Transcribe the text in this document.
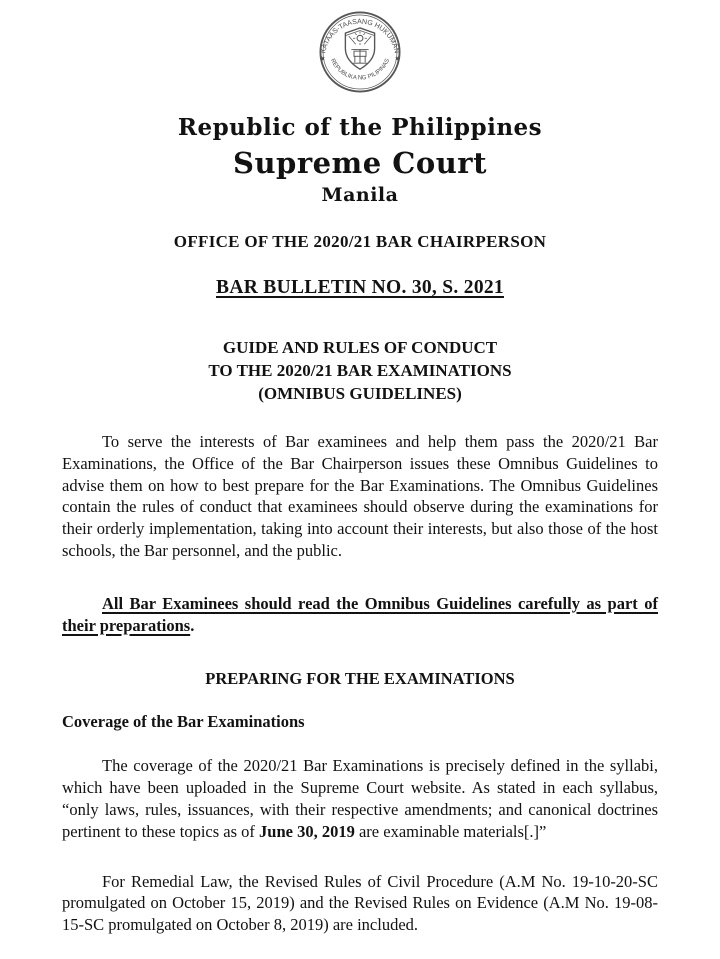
★ KATAAS-TAASANG HUKUMAN ★
REPUBLIKA NG PILIPINAS
Republic of the Philippines
Supreme Court
Manila
OFFICE OF THE 2020/21 BAR CHAIRPERSON
BAR BULLETIN NO. 30, S. 2021
GUIDE AND RULES OF CONDUCT
TO THE 2020/21 BAR EXAMINATIONS
(OMNIBUS GUIDELINES)

To serve the interests of Bar examinees and help them pass the 2020/21 Bar Examinations, the Office of the Bar Chairperson issues these Omnibus Guidelines to advise them on how to best prepare for the Bar Examinations. The Omnibus Guidelines contain the rules of conduct that examinees should observe during the examinations for their orderly implementation, taking into account their interests, but also those of the host schools, the Bar personnel, and the public.

All Bar Examinees should read the Omnibus Guidelines carefully as part of their preparations.

PREPARING FOR THE EXAMINATIONS
Coverage of the Bar Examinations

The coverage of the 2020/21 Bar Examinations is precisely defined in the syllabi, which have been uploaded in the Supreme Court website. As stated in each syllabus, “only laws, rules, issuances, with their respective amendments; and canonical doctrines pertinent to these topics as of June 30, 2019 are examinable materials[.]”

For Remedial Law, the Revised Rules of Civil Procedure (A.M No. 19-10-20-SC promulgated on October 15, 2019) and the Revised Rules on Evidence (A.M No. 19-08-15-SC promulgated on October 8, 2019) are included.
